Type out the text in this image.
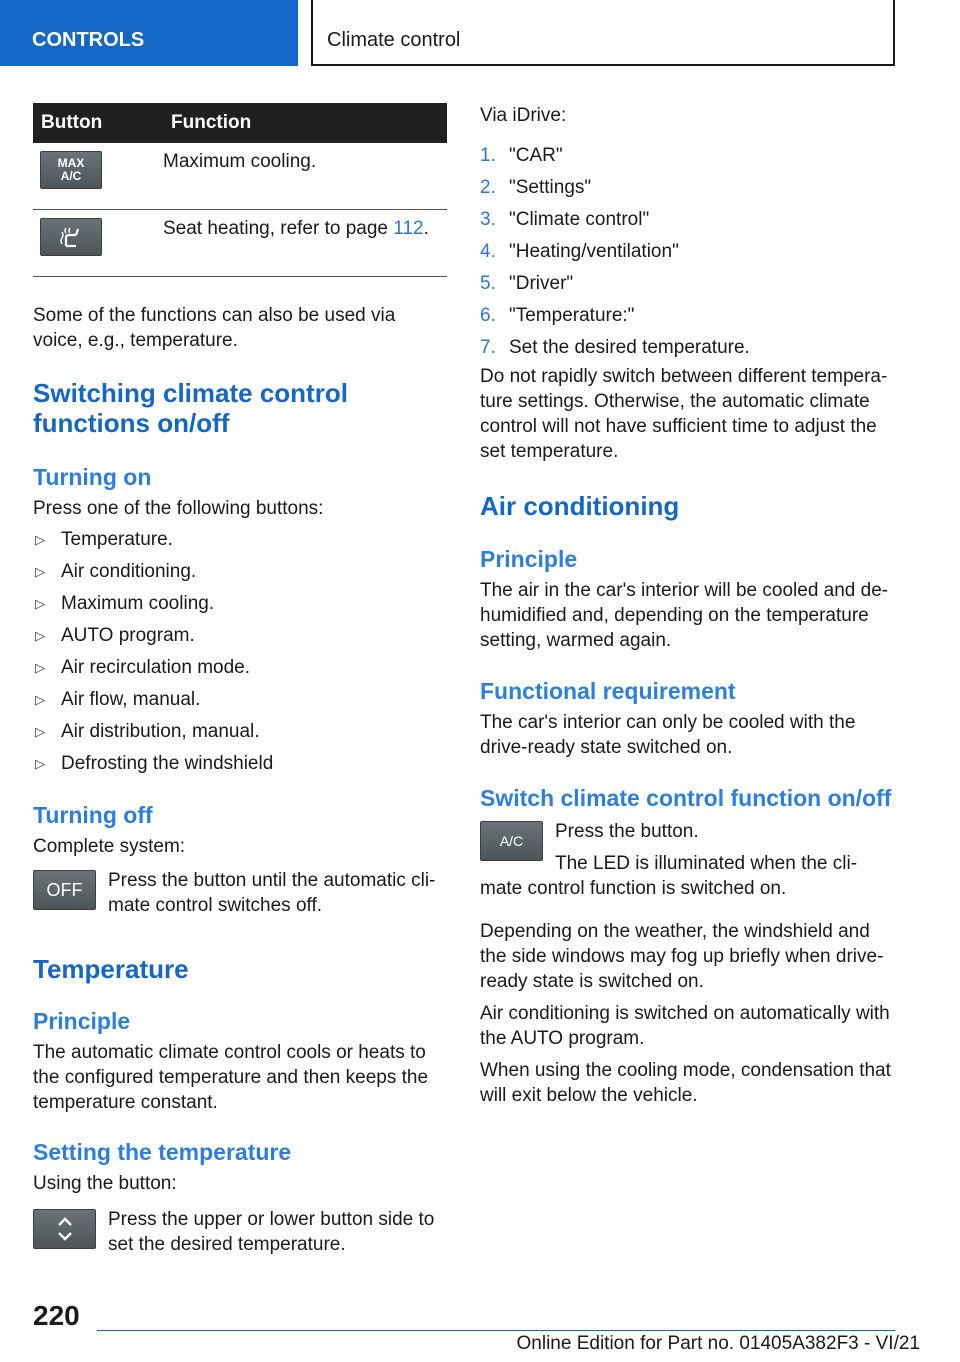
CONTROLS	Climate control
Button	Function

MAX
A/C	Maximum cooling.

	Seat heating, refer to page 112.

Some of the functions can also be used via voice, e.g., temperature.

Switching climate control functions on/off
Turning on

Press one of the following buttons:

▷ Temperature.
▷ Air conditioning.
▷ Maximum cooling.
▷ AUTO program.
▷ Air recirculation mode.
▷ Air flow, manual.
▷ Air distribution, manual.
▷ Defrosting the windshield
Turning off

Complete system:

OFF	Press the button until the automatic cli-mate control switches off.

Temperature
Principle

The automatic climate control cools or heats to the configured temperature and then keeps the temperature constant.

Setting the temperature

Using the button:

Press the upper or lower button side to set the desired temperature.

Via iDrive:

1. "CAR"
2. "Settings"
3. "Climate control"
4. "Heating/ventilation"
5. "Driver"
6. "Temperature:"
7. Set the desired temperature.

Do not rapidly switch between different tempera-ture settings. Otherwise, the automatic climate control will not have sufficient time to adjust the set temperature.

Air conditioning
Principle

The air in the car's interior will be cooled and de-humidified and, depending on the temperature setting, warmed again.

Functional requirement

The car's interior can only be cooled with the drive-ready state switched on.

Switch climate control function on/off
A/C	Press the button.

The LED is illuminated when the cli-mate control function is switched on.

Depending on the weather, the windshield and the side windows may fog up briefly when drive-ready state is switched on.

Air conditioning is switched on automatically with the AUTO program.

When using the cooling mode, condensation that will exit below the vehicle.

220
Online Edition for Part no. 01405A382F3 - VI/21
